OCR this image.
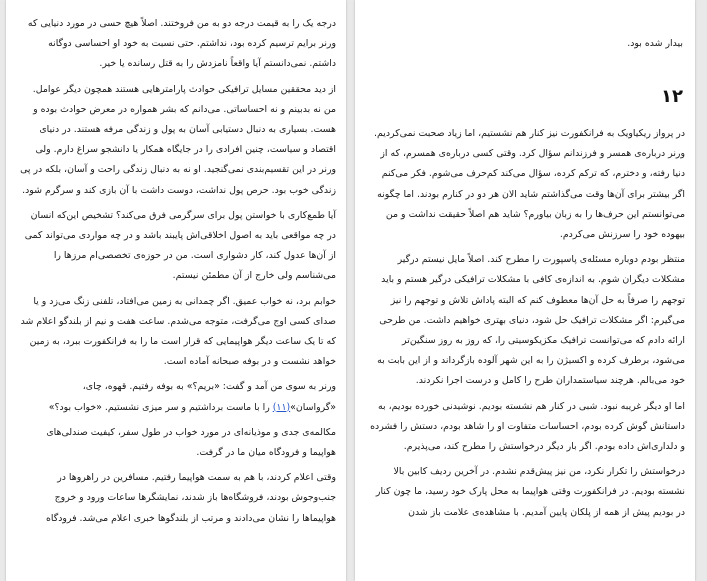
درجه یک را به قیمت درجه دو به من فروختند. اصلاً هیچ حسی در مورد دنیایی که ورنر برایم ترسیم کرده بود، نداشتم. حتی نسبت به خود او احساسی دوگانه داشتم. نمی‌دانستم آیا واقعاً نامزدش را به قتل رسانده یا خیر.

از دید محققین مسایل ترافیکی حوادث پارامترهایی هستند همچون دیگر عوامل. من نه بدبینم و نه احساساتی. می‌دانم که بشر همواره در معرض حوادث بوده و هست. بسیاری به دنبال دستیابی آسان به پول و زندگی مرفه هستند. در دنیای اقتصاد و سیاست، چنین افرادی را در جایگاه همکار یا دانشجو سراغ دارم. ولی ورنر در این تقسیم‌بندی نمی‌گنجید. او نه به دنبال زندگی راحت و آسان، بلکه در پی زندگی خوب بود. حرص پول نداشت، دوست داشت با آن بازی کند و سرگرم شود.

آیا طمع‌کاری با خواستن پول برای سرگرمی فرق می‌کند؟ تشخیص این‌که انسان در چه مواقعی باید به اصول اخلاقی‌اش پایبند باشد و در چه مواردی می‌تواند کمی از آن‌ها عدول کند، کار دشواری است. من در حوزه‌ی تخصصی‌ام مرزها را می‌شناسم ولی خارج از آن مطمئن نیستم.

خوابم برد، نه خواب عمیق. اگر چمدانی به زمین می‌افتاد، تلفنی زنگ می‌زد و یا صدای کسی اوج می‌گرفت، متوجه می‌شدم. ساعت هفت و نیم از بلندگو اعلام شد که تا یک ساعت دیگر هواپیمایی که قرار است ما را به فرانکفورت ببرد، به زمین خواهد نشست و در بوفه صبحانه آماده است.

ورنر به سوی من آمد و گفت: «بریم؟» به بوفه رفتیم. قهوه، چای، «گرواسان»(۱۱) را با ماست برداشتیم و سر میزی نشستیم. «خواب بود؟»

مکالمه‌ی جدی و موذیانه‌ای در مورد خواب در طول سفر، کیفیت صندلی‌های هواپیما و فرودگاه میان ما در گرفت.

وقتی اعلام کردند، با هم به سمت هواپیما رفتیم. مسافرین در راهروها در جنب‌وجوش بودند، فروشگاه‌ها باز شدند، نمایشگرها ساعات ورود و خروج هواپیماها را نشان می‌دادند و مرتب از بلندگوها خبری اعلام می‌شد. فرودگاه

بیدار شده بود.
۱۲

در پرواز ریکیاویک به فرانکفورت نیز کنار هم نشستیم، اما زیاد صحبت نمی‌کردیم. ورنر درباره‌ی همسر و فرزندانم سؤال کرد. وقتی کسی درباره‌ی همسرم، که از دنیا رفته، و دخترم، که ترکم کرده، سؤال می‌کند کم‌حرف می‌شوم. فکر می‌کنم اگر بیشتر برای آن‌ها وقت می‌گذاشتم شاید الان هر دو در کنارم بودند. اما چگونه می‌توانستم این حرف‌ها را به زبان بیاورم؟ شاید هم اصلاً حقیقت نداشت و من بیهوده خود را سرزنش می‌کردم.

منتظر بودم دوباره مسئله‌ی پاسپورت را مطرح کند. اصلاً مایل نیستم درگیر مشکلات دیگران شوم. به اندازه‌ی کافی با مشکلات ترافیکی درگیر هستم و باید توجهم را صرفاً به حل آن‌ها معطوف کنم که البته پاداش تلاش و توجهم را نیز می‌گیرم: اگر مشکلات ترافیک حل شود، دنیای بهتری خواهیم داشت. من طرحی ارائه دادم که می‌توانست ترافیک مکزیکوسیتی را، که روز به روز سنگین‌تر می‌شود، برطرف کرده و اکسیژن را به این شهر آلوده بازگرداند و از این بابت به خود می‌بالم. هرچند سیاستمداران طرح را کامل و درست اجرا نکردند.

اما او دیگر غریبه نبود. شبی در کنار هم نشسته بودیم. نوشیدنی خورده بودیم، به داستانش گوش کرده بودم، احساسات متفاوت او را شاهد بودم، دستش را فشرده و دلداری‌اش داده بودم. اگر بار دیگر درخواستش را مطرح کند، می‌پذیرم.

درخواستش را تکرار نکرد، من نیز پیش‌قدم نشدم. در آخرین ردیف کابین بالا نشسته بودیم. در فرانکفورت وقتی هواپیما به محل پارک خود رسید، ما چون کنار در بودیم پیش از همه از پلکان پایین آمدیم. با مشاهده‌ی علامت باز شدن
